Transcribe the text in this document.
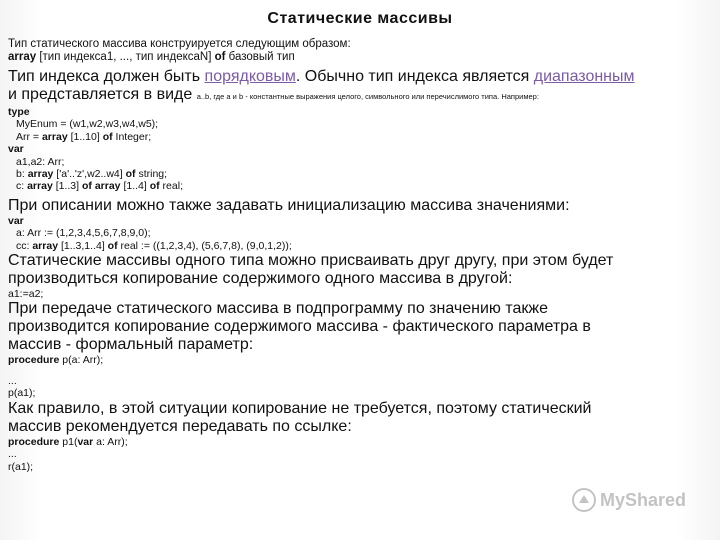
Статические массивы

Тип статического массива конструируется следующим образом:

array [тип индекса1, ..., тип индексаN] of базовый тип

Тип индекса должен быть порядковым. Обычно тип индекса является диапазонным

и представляется в виде a..b, где a и b - константные выражения целого, символьного или перечислимого типа. Например:

type

MyEnum = (w1,w2,w3,w4,w5);

Arr = array [1..10] of Integer;

var

a1,a2: Arr;

b: array ['a'..'z',w2..w4] of string;

c: array [1..3] of array [1..4] of real;

При описании можно также задавать инициализацию массива значениями:

var

a: Arr := (1,2,3,4,5,6,7,8,9,0);

cc: array [1..3,1..4] of real := ((1,2,3,4), (5,6,7,8), (9,0,1,2));

Статические массивы одного типа можно присваивать друг другу, при этом будет

производиться копирование содержимого одного массива в другой:

a1:=a2;

При передаче статического массива в подпрограмму по значению также

производится копирование содержимого массива - фактического параметра в

массив - формальный параметр:

procedure p(a: Arr);

...

p(a1);

Как правило, в этой ситуации копирование не требуется, поэтому статический

массив рекомендуется передавать по ссылке:

procedure p1(var a: Arr);

...

r(a1);

MyShared
